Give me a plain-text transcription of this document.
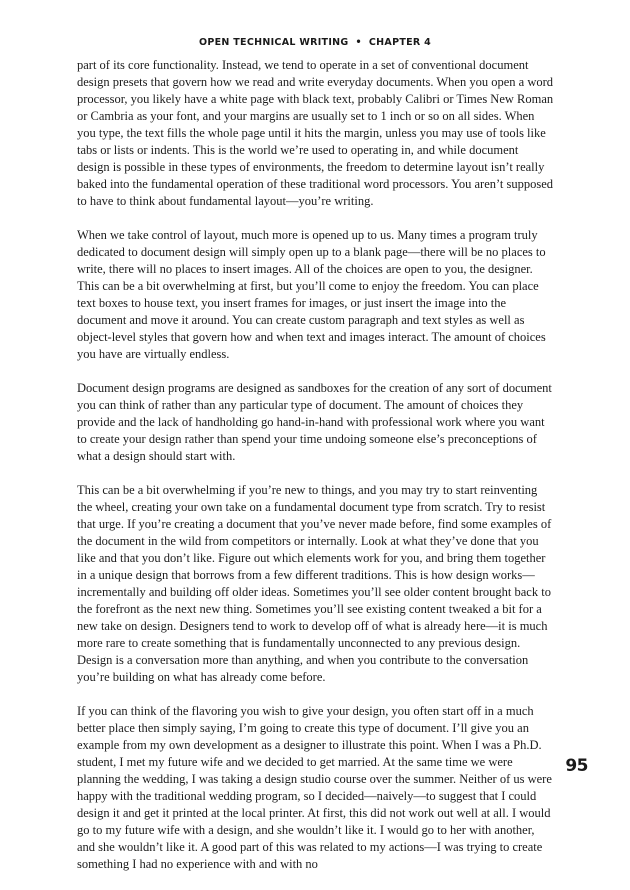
OPEN TECHNICAL WRITING • CHAPTER 4

part of its core functionality. Instead, we tend to operate in a set of conventional document design presets that govern how we read and write everyday documents. When you open a word processor, you likely have a white page with black text, probably Calibri or Times New Roman or Cambria as your font, and your margins are usually set to 1 inch or so on all sides. When you type, the text fills the whole page until it hits the margin, unless you may use of tools like tabs or lists or indents. This is the world we’re used to operating in, and while document design is possible in these types of environments, the freedom to determine layout isn’t really baked into the fundamental operation of these traditional word processors. You aren’t supposed to have to think about fundamental layout—you’re writing.

When we take control of layout, much more is opened up to us. Many times a program truly dedicated to document design will simply open up to a blank page—there will be no places to write, there will no places to insert images. All of the choices are open to you, the designer. This can be a bit overwhelming at first, but you’ll come to enjoy the freedom. You can place text boxes to house text, you insert frames for images, or just insert the image into the document and move it around. You can create custom paragraph and text styles as well as object-level styles that govern how and when text and images interact. The amount of choices you have are virtually endless.

Document design programs are designed as sandboxes for the creation of any sort of document you can think of rather than any particular type of document. The amount of choices they provide and the lack of handholding go hand-in-hand with professional work where you want to create your design rather than spend your time undoing someone else’s preconceptions of what a design should start with.

This can be a bit overwhelming if you’re new to things, and you may try to start reinventing the wheel, creating your own take on a fundamental document type from scratch. Try to resist that urge. If you’re creating a document that you’ve never made before, find some examples of the document in the wild from competitors or internally. Look at what they’ve done that you like and that you don’t like. Figure out which elements work for you, and bring them together in a unique design that borrows from a few different traditions. This is how design works—incrementally and building off older ideas. Sometimes you’ll see older content brought back to the forefront as the next new thing. Sometimes you’ll see existing content tweaked a bit for a new take on design. Designers tend to work to develop off of what is already here—it is much more rare to create something that is fundamentally unconnected to any previous design. Design is a conversation more than anything, and when you contribute to the conversation you’re building on what has already come before.

If you can think of the flavoring you wish to give your design, you often start off in a much better place then simply saying, I’m going to create this type of document. I’ll give you an example from my own development as a designer to illustrate this point. When I was a Ph.D. student, I met my future wife and we decided to get married. At the same time we were planning the wedding, I was taking a design studio course over the summer. Neither of us were happy with the traditional wedding program, so I decided—naively—to suggest that I could design it and get it printed at the local printer. At first, this did not work out well at all. I would go to my future wife with a design, and she wouldn’t like it. I would go to her with another, and she wouldn’t like it. A good part of this was related to my actions—I was trying to create something I had no experience with and with no

95
